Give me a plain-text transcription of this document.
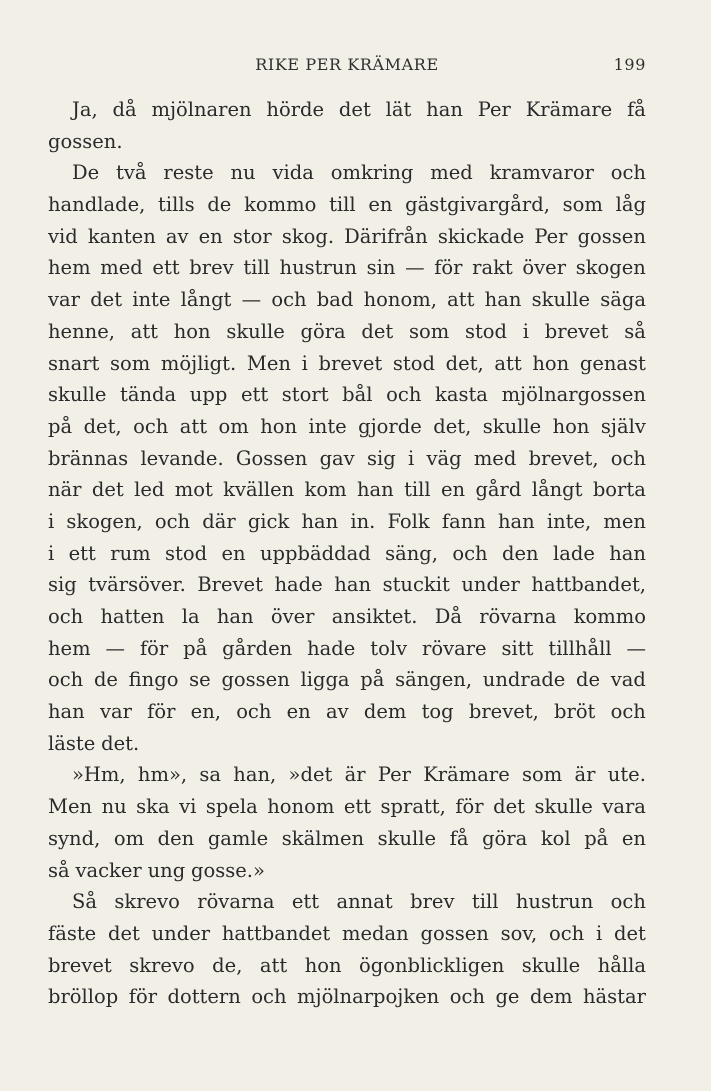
RIKE PER KRÄMARE	199
Ja, då mjölnaren hörde det lät han Per Krämare få
gossen.
De två reste nu vida omkring med kramvaror och
handlade, tills de kommo till en gästgivargård, som låg
vid kanten av en stor skog. Därifrån skickade Per gossen
hem med ett brev till hustrun sin — för rakt över skogen
var det inte långt — och bad honom, att han skulle säga
henne, att hon skulle göra det som stod i brevet så
snart som möjligt. Men i brevet stod det, att hon genast
skulle tända upp ett stort bål och kasta mjölnargossen
på det, och att om hon inte gjorde det, skulle hon själv
brännas levande. Gossen gav sig i väg med brevet, och
när det led mot kvällen kom han till en gård långt borta
i skogen, och där gick han in. Folk fann han inte, men
i ett rum stod en uppbäddad säng, och den lade han
sig tvärsöver. Brevet hade han stuckit under hattbandet,
och hatten la han över ansiktet. Då rövarna kommo
hem — för på gården hade tolv rövare sitt tillhåll —
och de fingo se gossen ligga på sängen, undrade de vad
han var för en, och en av dem tog brevet, bröt och
läste det.
»Hm, hm», sa han, »det är Per Krämare som är ute.
Men nu ska vi spela honom ett spratt, för det skulle vara
synd, om den gamle skälmen skulle få göra kol på en
så vacker ung gosse.»
Så skrevo rövarna ett annat brev till hustrun och
fäste det under hattbandet medan gossen sov, och i det
brevet skrevo de, att hon ögonblickligen skulle hålla
bröllop för dottern och mjölnarpojken och ge dem hästar
